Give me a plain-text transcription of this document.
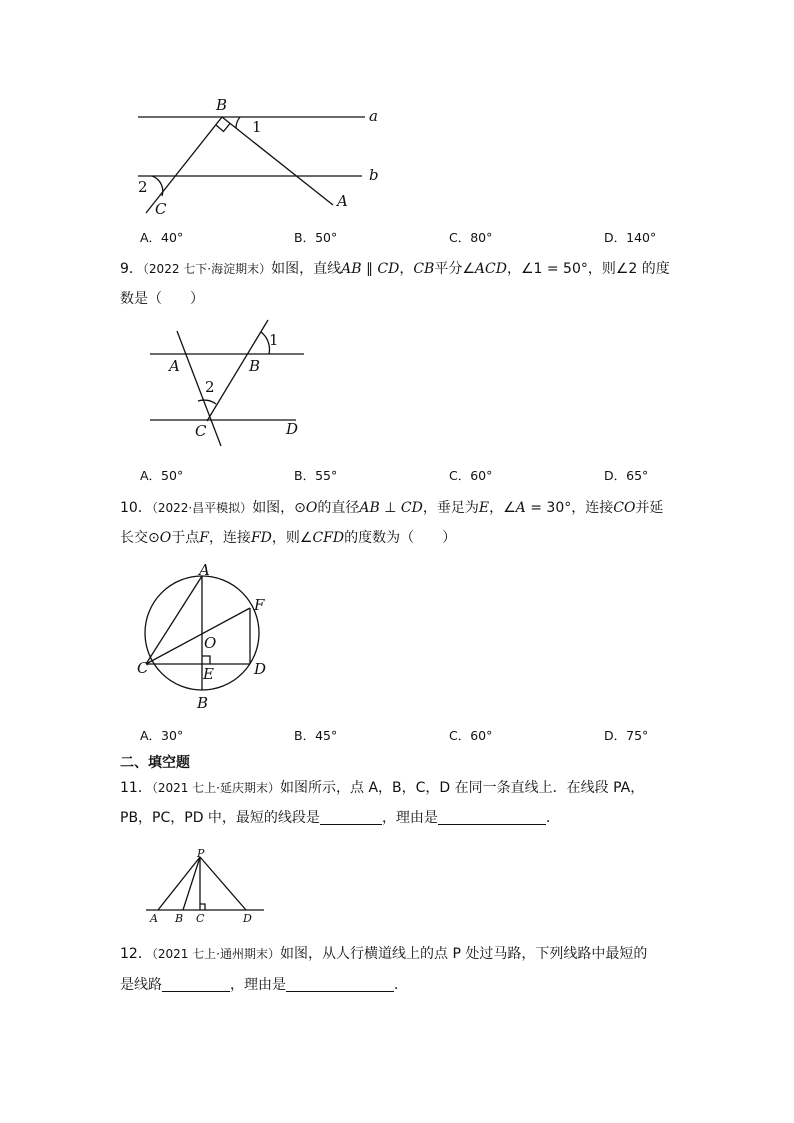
B
a
1
b
2
C	A
A．40°	B．50°	C．80°	D．140°
9．（2022 七下·海淀期末）如图，直线AB ∥ CD，CB平分∠ACD，∠1 = 50°，则∠2 的度
数是（　　）
1
A	B
2
C	D
A．50°	B．55°	C．60°	D．65°
10．（2022·昌平模拟）如图，⊙O的直径AB ⊥ CD，垂足为E，∠A = 30°，连接CO并延
长交⊙O于点F，连接FD，则∠CFD的度数为（　　）
A
F
O
C	D
E
B
A．30°	B．45°	C．60°	D．75°
二、填空题
11．（2021 七上·延庆期末）如图所示，点 A，B，C，D 在同一条直线上．在线段 PA，
PB，PC，PD 中，最短的线段是	，理由是	．
P
A B C	D
12．（2021 七上·通州期末）如图，从人行横道线上的点 P 处过马路，下列线路中最短的
是线路	，理由是	．
